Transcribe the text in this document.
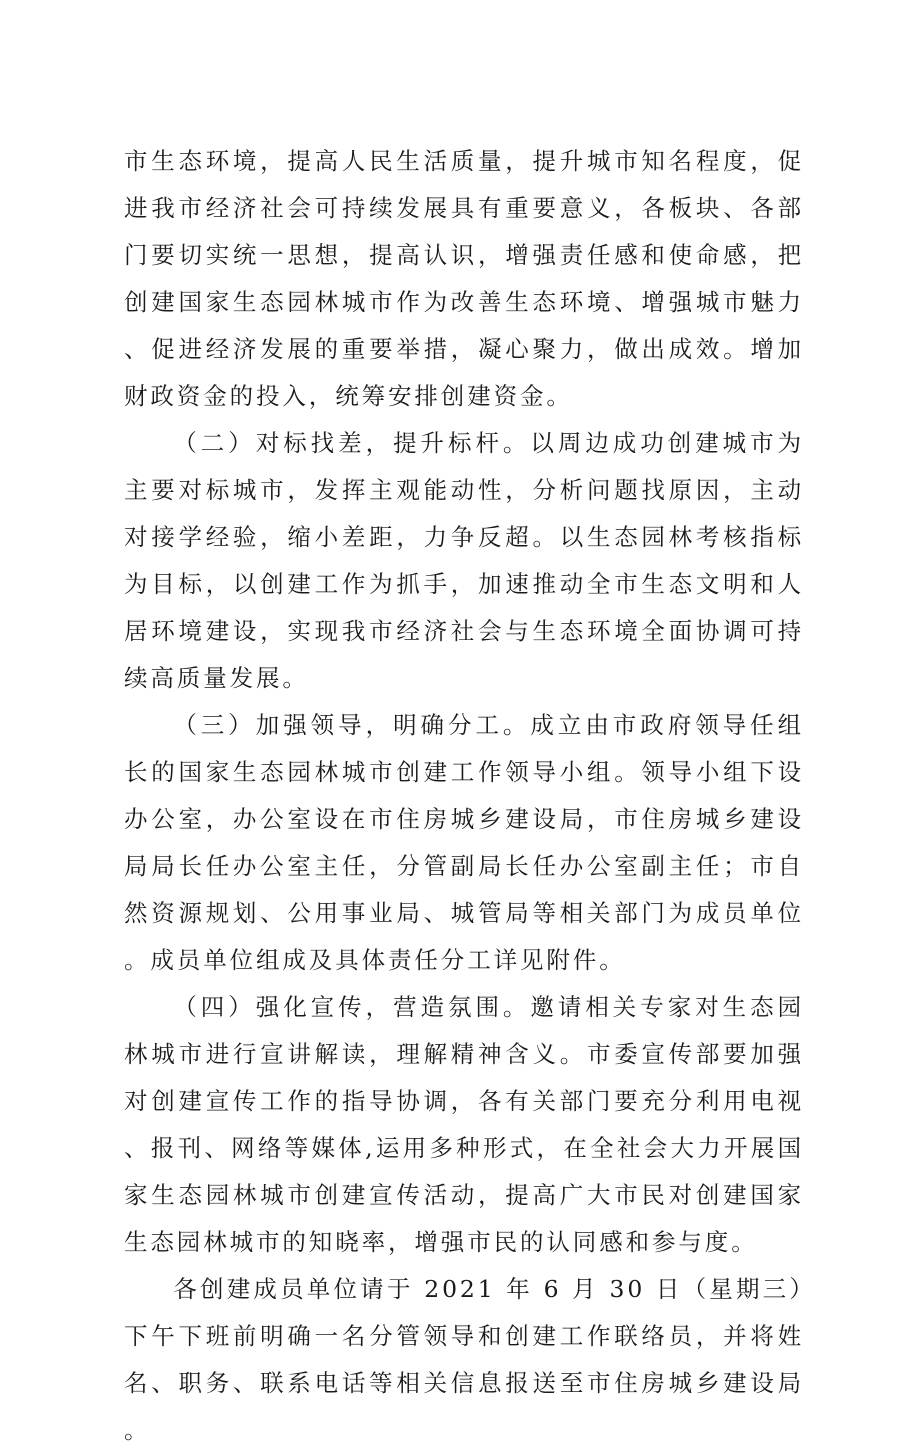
市生态环境，提高人民生活质量，提升城市知名程度，促进我市经济社会可持续发展具有重要意义，各板块、各部门要切实统一思想，提高认识，增强责任感和使命感，把创建国家生态园林城市作为改善生态环境、增强城市魅力、促进经济发展的重要举措，凝心聚力，做出成效。增加财政资金的投入，统筹安排创建资金。

（二）对标找差，提升标杆。以周边成功创建城市为主要对标城市，发挥主观能动性，分析问题找原因，主动对接学经验，缩小差距，力争反超。以生态园林考核指标为目标，以创建工作为抓手，加速推动全市生态文明和人居环境建设，实现我市经济社会与生态环境全面协调可持续高质量发展。

（三）加强领导，明确分工。成立由市政府领导任组长的国家生态园林城市创建工作领导小组。领导小组下设办公室，办公室设在市住房城乡建设局，市住房城乡建设局局长任办公室主任，分管副局长任办公室副主任；市自然资源规划、公用事业局、城管局等相关部门为成员单位。成员单位组成及具体责任分工详见附件。

（四）强化宣传，营造氛围。邀请相关专家对生态园林城市进行宣讲解读，理解精神含义。市委宣传部要加强对创建宣传工作的指导协调，各有关部门要充分利用电视、报刊、网络等媒体,运用多种形式，在全社会大力开展国家生态园林城市创建宣传活动，提高广大市民对创建国家生态园林城市的知晓率，增强市民的认同感和参与度。

各创建成员单位请于 2021 年 6 月 30 日（星期三）下午下班前明确一名分管领导和创建工作联络员，并将姓名、职务、联系电话等相关信息报送至市住房城乡建设局。
